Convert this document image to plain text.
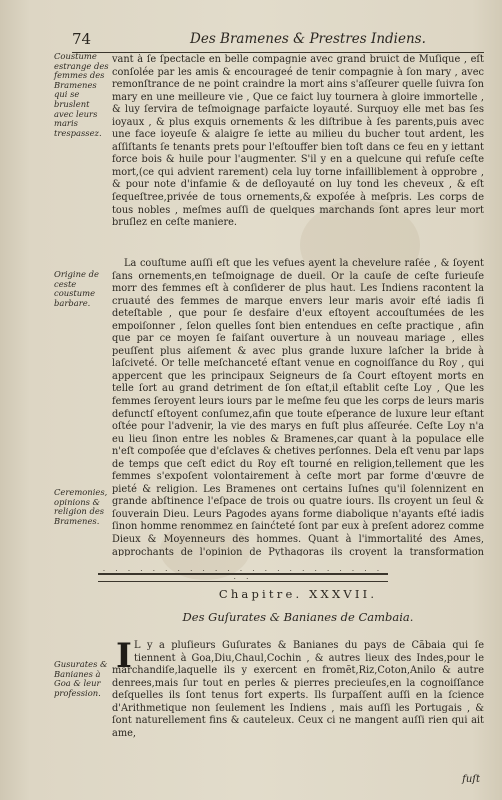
74	Des Bramenes & Prestres Indiens.
Coustume estrange des femmes des Bramenes qui se bruslent avec leurs maris trespassez.
Origine de ceste coustume barbare.
Ceremonies, opinions & religion des Bramenes.
Gusurates & Banianes à Goa & leur profession.

vant à ſe ſpectacle en belle compagnie avec grand bruict de Muſique , eſt conſolée par les amis & encourageé de tenir compagnie à ſon mary , avec remonſtrance de ne point craindre la mort ains s'aſſeurer quelle ſuivra ſon mary en une meilleure vie , Que ce faict luy tournera à gloire immortelle , & luy ſervira de teſmoignage parfaicte loyauté. Surquoy elle met bas ſes ioyaux , & plus exquis ornements & les diſtribue à ſes parents,puis avec une face ioyeuſe & alaigre ſe iette au milieu du bucher tout ardent, les aſſiſtants ſe tenants prets pour l'eſtouffer bien toſt dans ce feu en y iettant force bois & huile pour l'augmenter. S'il y en a quelcune qui refuſe ceſte mort,(ce qui advient rarement) cela luy torne infailliblement à opprobre , & pour note d'infamie & de deſloyauté on luy tond les cheveux , & eſt ſequeſtree,privée de tous ornements,& expoſée à meſpris. Les corps de tous nobles , meſmes auſſi de quelques marchands ſont apres leur mort bruſlez en ceſte maniere.

La couſtume auſſi eſt que les vefues ayent la chevelure raſée , & ſoyent ſans ornements,en teſmoignage de dueil. Or la cauſe de ceſte furieuſe morr des femmes eſt à conſiderer de plus haut. Les Indiens racontent la cruauté des femmes de marque envers leur maris avoir eſté iadis ſi deteſtable , que pour ſe desfaire d'eux eſtoyent accouſtumées de les empoiſonner , ſelon quelles ſont bien entendues en ceſte practique , afin que par ce moyen ſe faiſant ouverture à un nouveau mariage , elles peuſſent plus aiſement & avec plus grande luxure laſcher la bride à laſciveté. Or telle meſchanceté eſtant venue en cognoiſſance du Roy , qui appercent que les principaux Seigneurs de ſa Court eſtoyent morts en telle ſort au grand detriment de ſon eſtat,il eſtablit ceſte Loy , Que les femmes ſeroyent leurs iours par le meſme feu que les corps de leurs maris defunctſ eſtoyent conſumez,afin que toute eſperance de luxure leur eſtant oſtée pour l'advenir, la vie des marys en fuſt plus aſſeurée. Ceſte Loy n'a eu lieu ſinon entre les nobles & Bramenes,car quant à la populace elle n'eſt compoſée que d'eſclaves & chetives perſonnes. Dela eſt venu par laps de temps que ceſt edict du Roy eſt tourné en religion,tellement que les femmes s'expoſent volontairement à ceſte mort par forme d'œuvre de pieté & religion. Les Bramenes ont certains Iuſnes qu'il ſolennizent en grande abſtinence l'eſpace de trois ou quatre iours. Ils croyent un ſeul & ſouverain Dieu. Leurs Pagodes ayans forme diabolique n'ayants eſté iadis ſinon homme renommez en ſainćteté ſont par eux à preſent adorez comme Dieux & Moyenneurs des hommes. Quant à l'immortalité des Ames, approchants de l'opinion de Pythagoras ils croyent la transformation

· · · · · · · · · · · · · · · · · · · · · · · · ·
Chapitre. XXXVII.
Des Guſurates & Banianes de Cambaia.
I L y a pluſieurs Guſurates & Banianes du pays de Cãbaia qui ſe tiennent à Goa,Diu,Chaul,Cochin , & autres lieux des Indes,pour le

marchandiſe,laquelle ils y exercent en fromẽt,Riz,Coton,Anilo & autre denrees,mais ſur tout en perles & pierres precieuſes,en la cognoiſſance deſquelles ils ſont tenus fort experts. Ils ſurpaſſent auſſi en la ſcience d'Arithmetique non ſeulement les Indiens , mais auſſi les Portugais , & ſont naturellement fins & cauteleux. Ceux ci ne mangent auſſi rien qui ait ame,

fuſt
